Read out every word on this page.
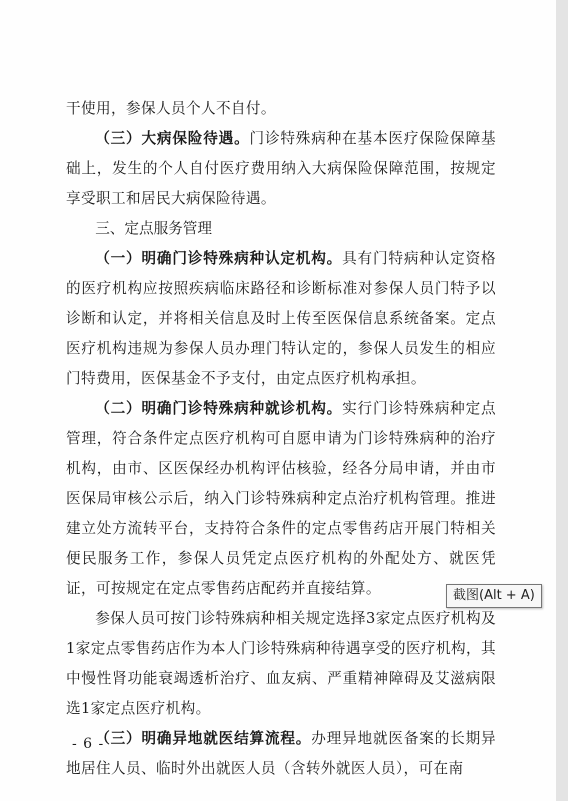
干使用，参保人员个人不自付。

（三）大病保险待遇。门诊特殊病种在基本医疗保险保障基础上，发生的个人自付医疗费用纳入大病保险保障范围，按规定享受职工和居民大病保险待遇。

三、定点服务管理

（一）明确门诊特殊病种认定机构。具有门特病种认定资格的医疗机构应按照疾病临床路径和诊断标准对参保人员门特予以诊断和认定，并将相关信息及时上传至医保信息系统备案。定点医疗机构违规为参保人员办理门特认定的，参保人员发生的相应门特费用，医保基金不予支付，由定点医疗机构承担。

（二）明确门诊特殊病种就诊机构。实行门诊特殊病种定点管理，符合条件定点医疗机构可自愿申请为门诊特殊病种的治疗机构，由市、区医保经办机构评估核验，经各分局申请，并由市医保局审核公示后，纳入门诊特殊病种定点治疗机构管理。推进建立处方流转平台，支持符合条件的定点零售药店开展门特相关便民服务工作，参保人员凭定点医疗机构的外配处方、就医凭证，可按规定在定点零售药店配药并直接结算。

参保人员可按门诊特殊病种相关规定选择3家定点医疗机构及1家定点零售药店作为本人门诊特殊病种待遇享受的医疗机构，其中慢性肾功能衰竭透析治疗、血友病、严重精神障碍及艾滋病限选1家定点医疗机构。

（三）明确异地就医结算流程。办理异地就医备案的长期异地居住人员、临时外出就医人员（含转外就医人员），可在南

- 6 -
截图(Alt + A)
